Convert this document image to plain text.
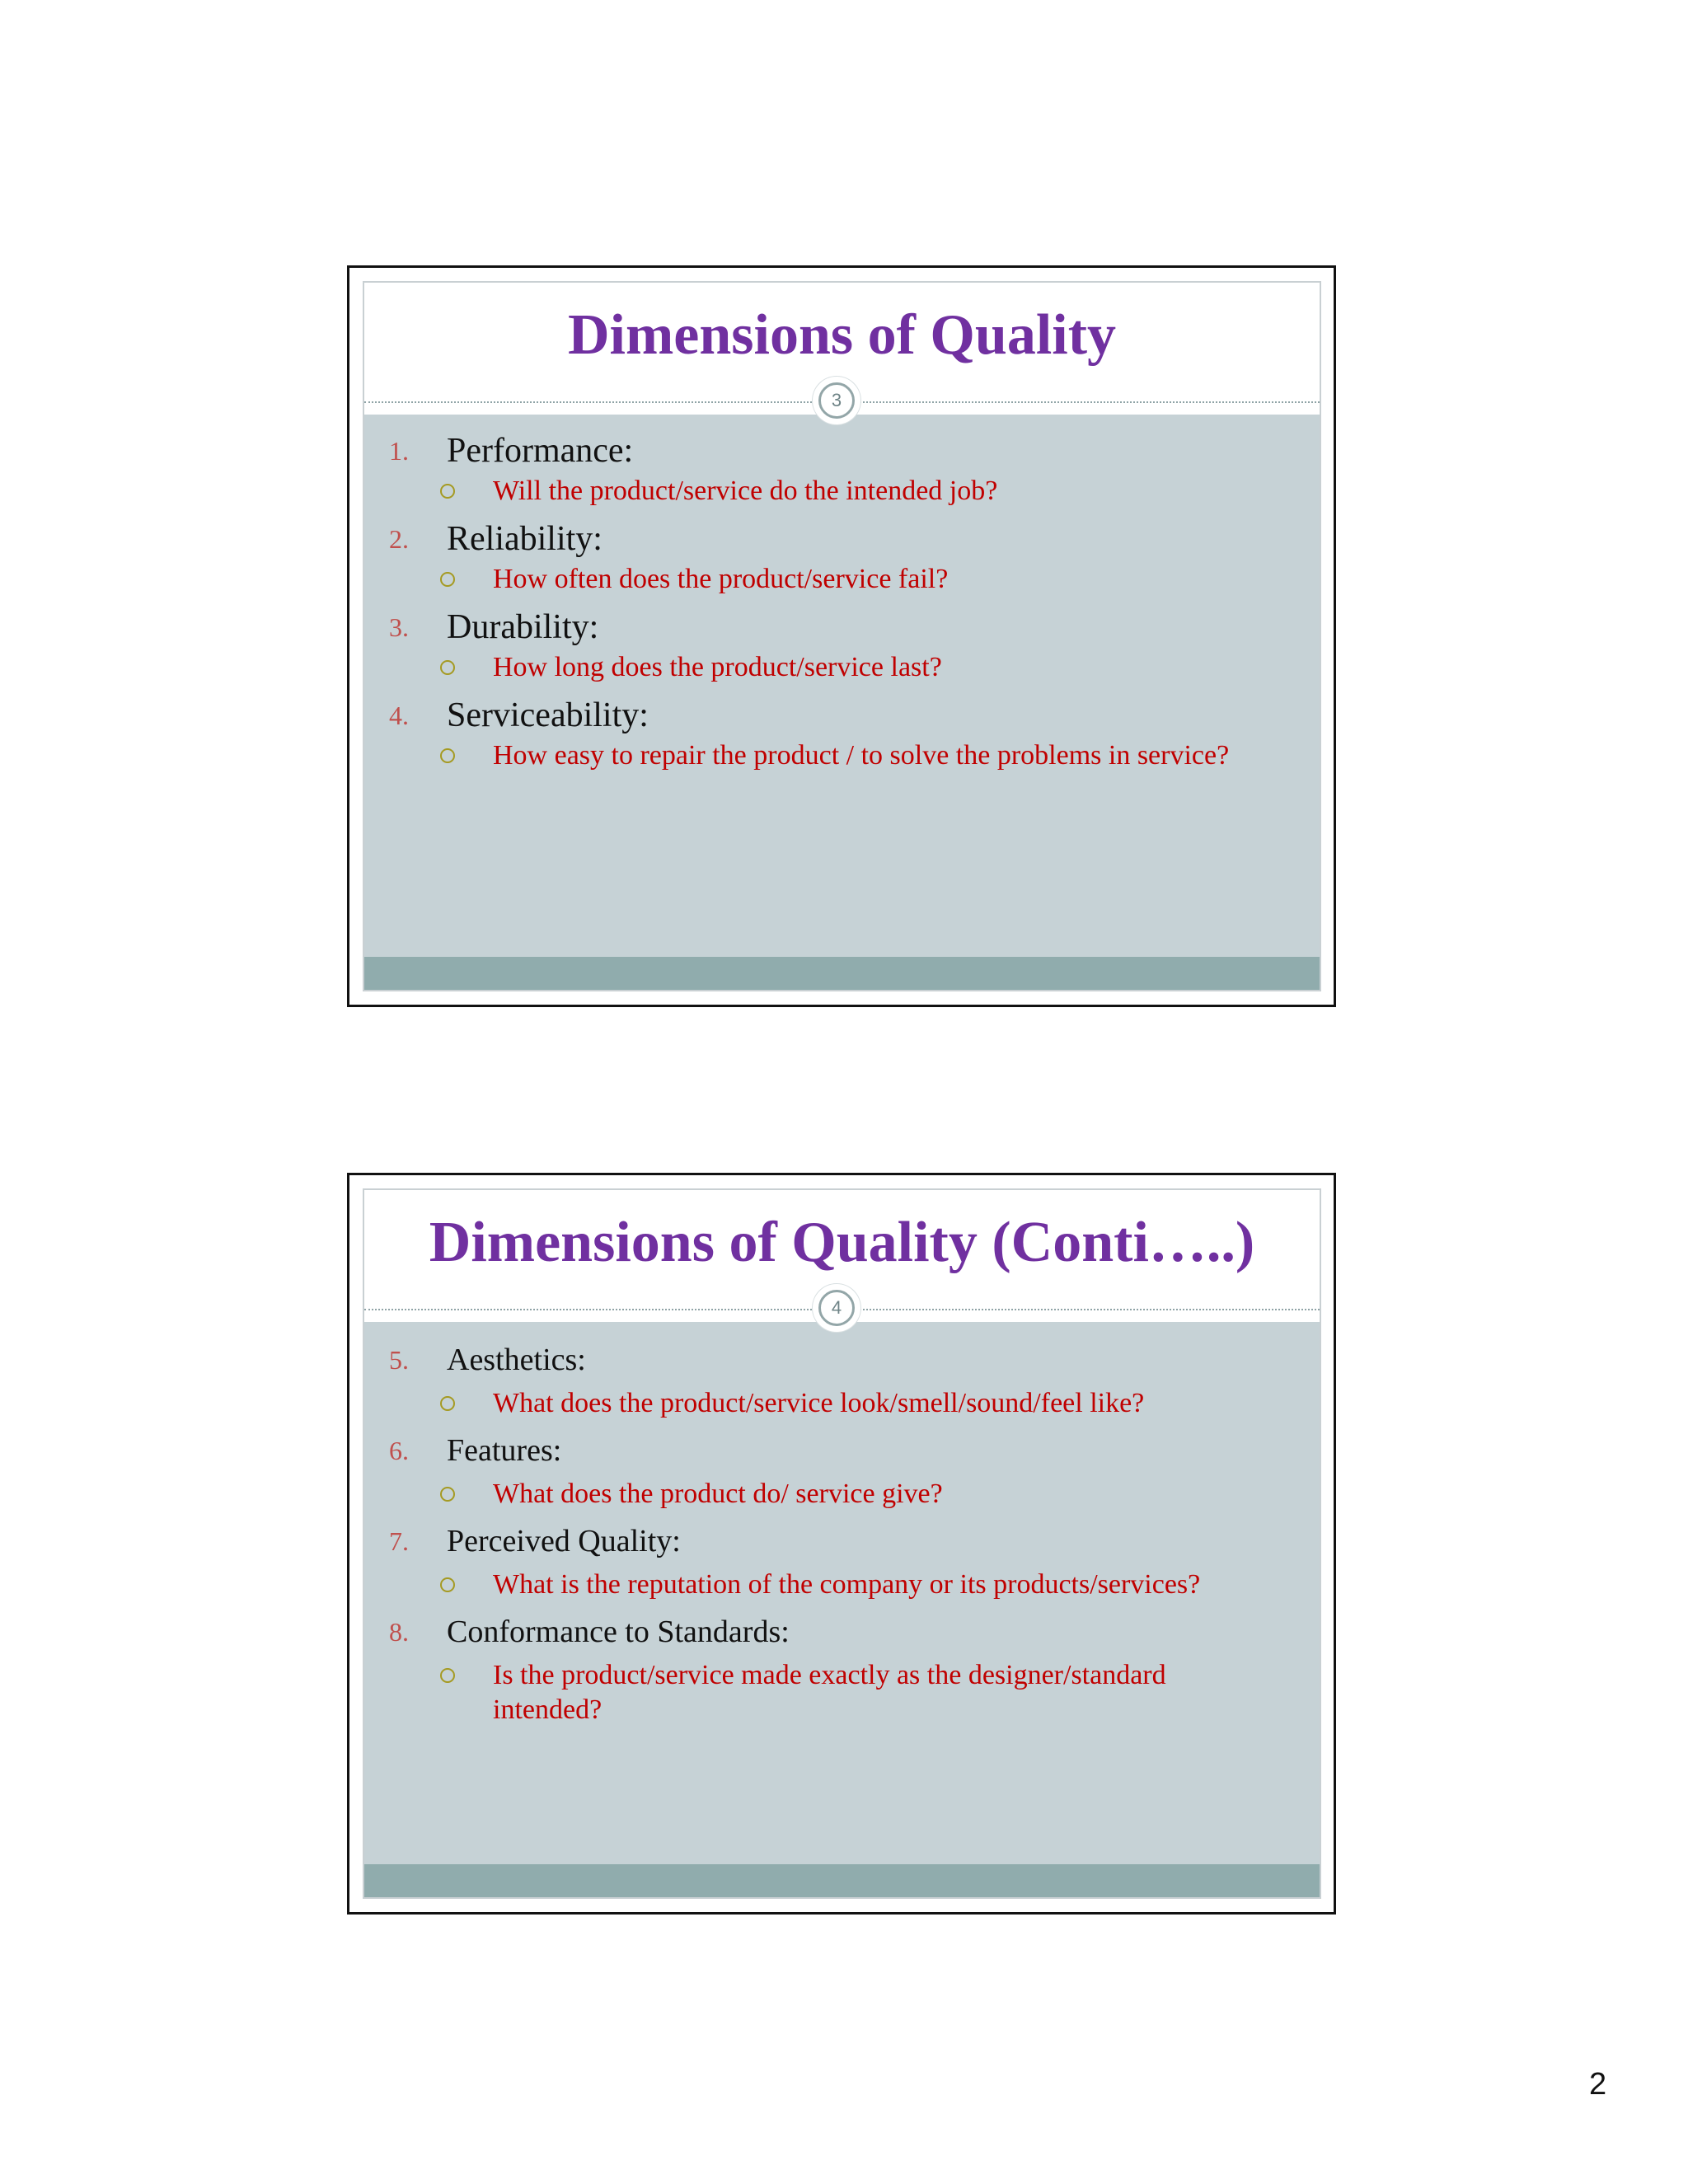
Dimensions of Quality
3
1. Performance:
Will the product/service do the intended job?
2. Reliability:
How often does the product/service fail?
3. Durability:
How long does the product/service last?
4. Serviceability:
How easy to repair the product / to solve the problems in service?
Dimensions of Quality (Conti…..)
4
5. Aesthetics:
What does the product/service look/smell/sound/feel like?
6. Features:
What does the product do/ service give?
7. Perceived Quality:
What is the reputation of the company or its products/services?
8. Conformance to Standards:
Is the product/service made exactly as the designer/standard intended?
2
